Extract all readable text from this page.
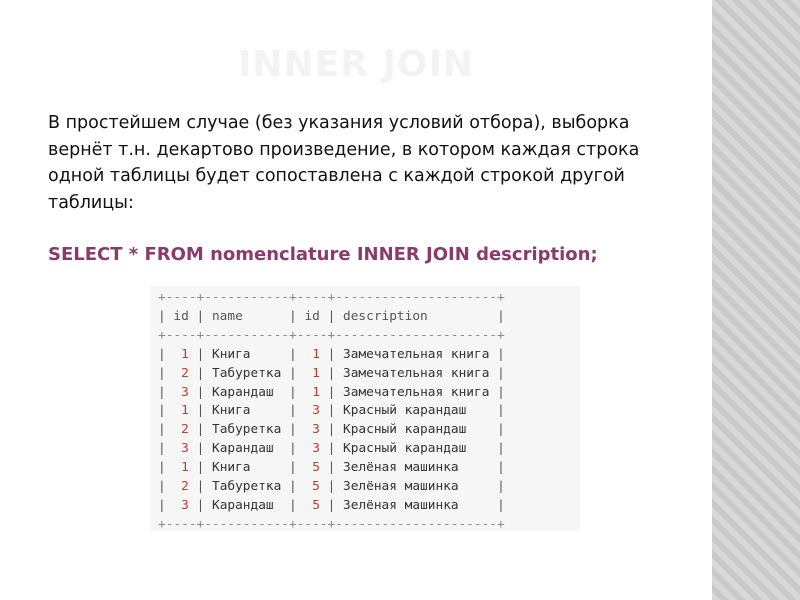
INNER JOIN

В простейшем случае (без указания условий отбора), выборка вернёт т.н. декартово произведение, в котором каждая строка одной таблицы будет сопоставлена с каждой строкой другой таблицы:

SELECT * FROM nomenclature INNER JOIN description;

+----+-----------+----+---------------------+
| id | name	| id | description	|
+----+-----------+----+---------------------+
|  1 | Книга     |  1 | Замечательная книга |
|  2 | Табуретка |  1 | Замечательная книга |
|  3 | Карандаш  |  1 | Замечательная книга |
|  1 | Книга     |  3 | Красный карандаш    |
|  2 | Табуретка |  3 | Красный карандаш    |
|  3 | Карандаш  |  3 | Красный карандаш    |
|  1 | Книга     |  5 | Зелёная машинка     |
|  2 | Табуретка |  5 | Зелёная машинка     |
|  3 | Карандаш  |  5 | Зелёная машинка     |
+----+-----------+----+---------------------+
